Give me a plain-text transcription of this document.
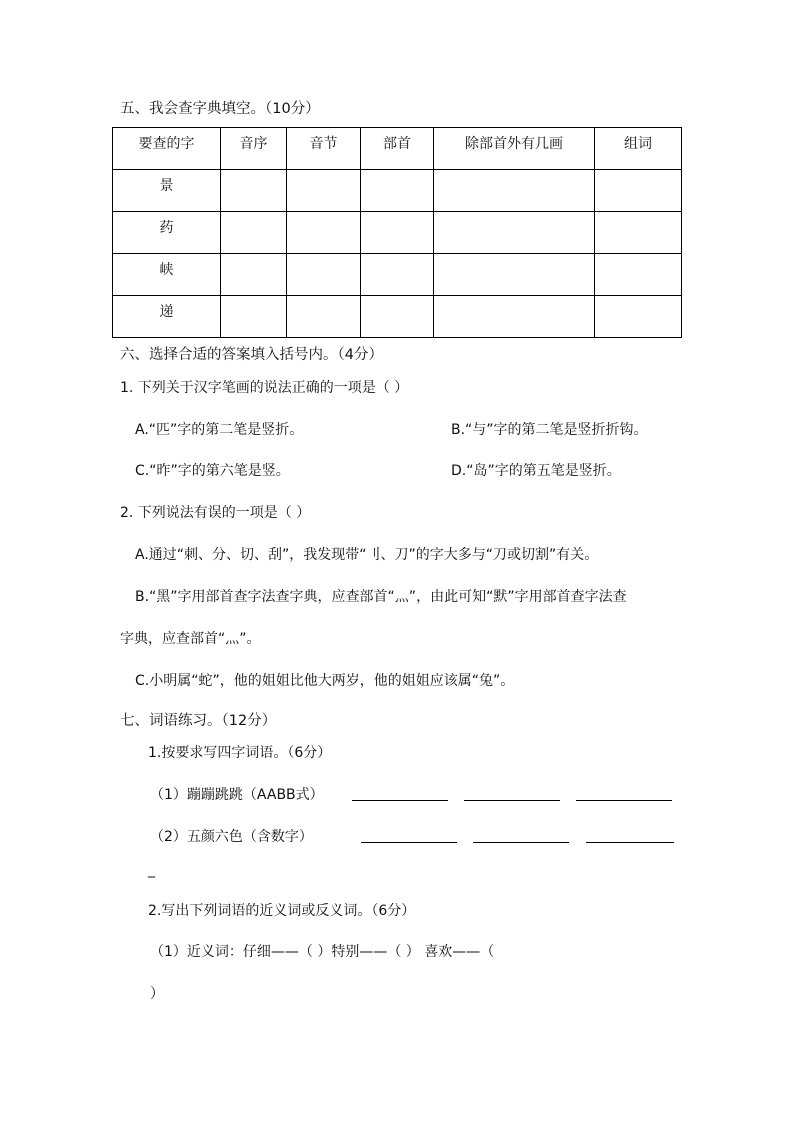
五、我会查字典填空。（10分）
要查的字	音序	音节	部首	除部首外有几画	组词

景					

药					

峡					

递					

六、选择合适的答案填入括号内。（4分）
1. 下列关于汉字笔画的说法正确的一项是（ ）
A.“匹”字的第二笔是竖折。	B.“与”字的第二笔是竖折折钩。
C.“昨”字的第六笔是竖。	D.“岛”字的第五笔是竖折。
2. 下列说法有误的一项是（ ）
A.通过“刺、分、切、刮”，我发现带“刂、刀”的字大多与“刀或切割”有关。
B.“黑”字用部首查字法查字典，应查部首“灬”，由此可知“默”字用部首查字法查
字典，应查部首“灬”。
C.小明属“蛇”，他的姐姐比他大两岁，他的姐姐应该属“兔”。
七、词语练习。（12分）
1.按要求写四字词语。（6分）
（1）蹦蹦跳跳（AABB式）
（2）五颜六色（含数字）
_
2.写出下列词语的近义词或反义词。（6分）
（1）近义词：仔细——（ ）特别——（ ） 喜欢——（
）
